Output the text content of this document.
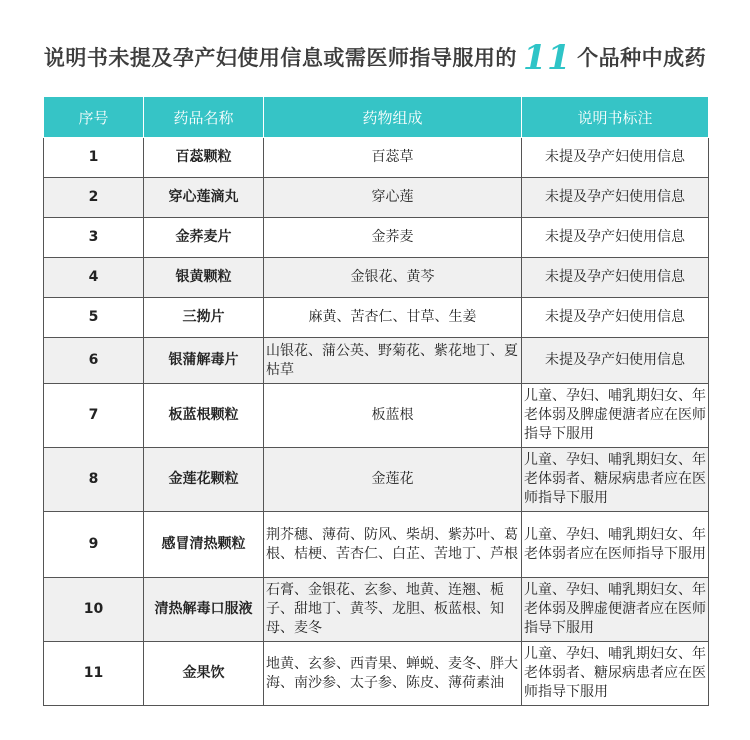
说明书未提及孕产妇使用信息或需医师指导服用的 11 个品种中成药
序号	药品名称	药物组成	说明书标注
1	百蕊颗粒	百蕊草	未提及孕产妇使用信息
2	穿心莲滴丸	穿心莲	未提及孕产妇使用信息
3	金荞麦片	金荞麦	未提及孕产妇使用信息
4	银黄颗粒	金银花、黄芩	未提及孕产妇使用信息
5	三拗片	麻黄、苦杏仁、甘草、生姜	未提及孕产妇使用信息
6	银蒲解毒片	山银花、蒲公英、野菊花、紫花地丁、夏枯草	未提及孕产妇使用信息
7	板蓝根颗粒	板蓝根	儿童、孕妇、哺乳期妇女、年老体弱及脾虚便溏者应在医师指导下服用
8	金莲花颗粒	金莲花	儿童、孕妇、哺乳期妇女、年老体弱者、糖尿病患者应在医师指导下服用
9	感冒清热颗粒	荆芥穗、薄荷、防风、柴胡、紫苏叶、葛根、桔梗、苦杏仁、白芷、苦地丁、芦根	儿童、孕妇、哺乳期妇女、年老体弱者应在医师指导下服用
10	清热解毒口服液	石膏、金银花、玄参、地黄、连翘、栀子、甜地丁、黄芩、龙胆、板蓝根、知母、麦冬	儿童、孕妇、哺乳期妇女、年老体弱及脾虚便溏者应在医师指导下服用
11	金果饮	地黄、玄参、西青果、蝉蜕、麦冬、胖大海、南沙参、太子参、陈皮、薄荷素油	儿童、孕妇、哺乳期妇女、年老体弱者、糖尿病患者应在医师指导下服用
